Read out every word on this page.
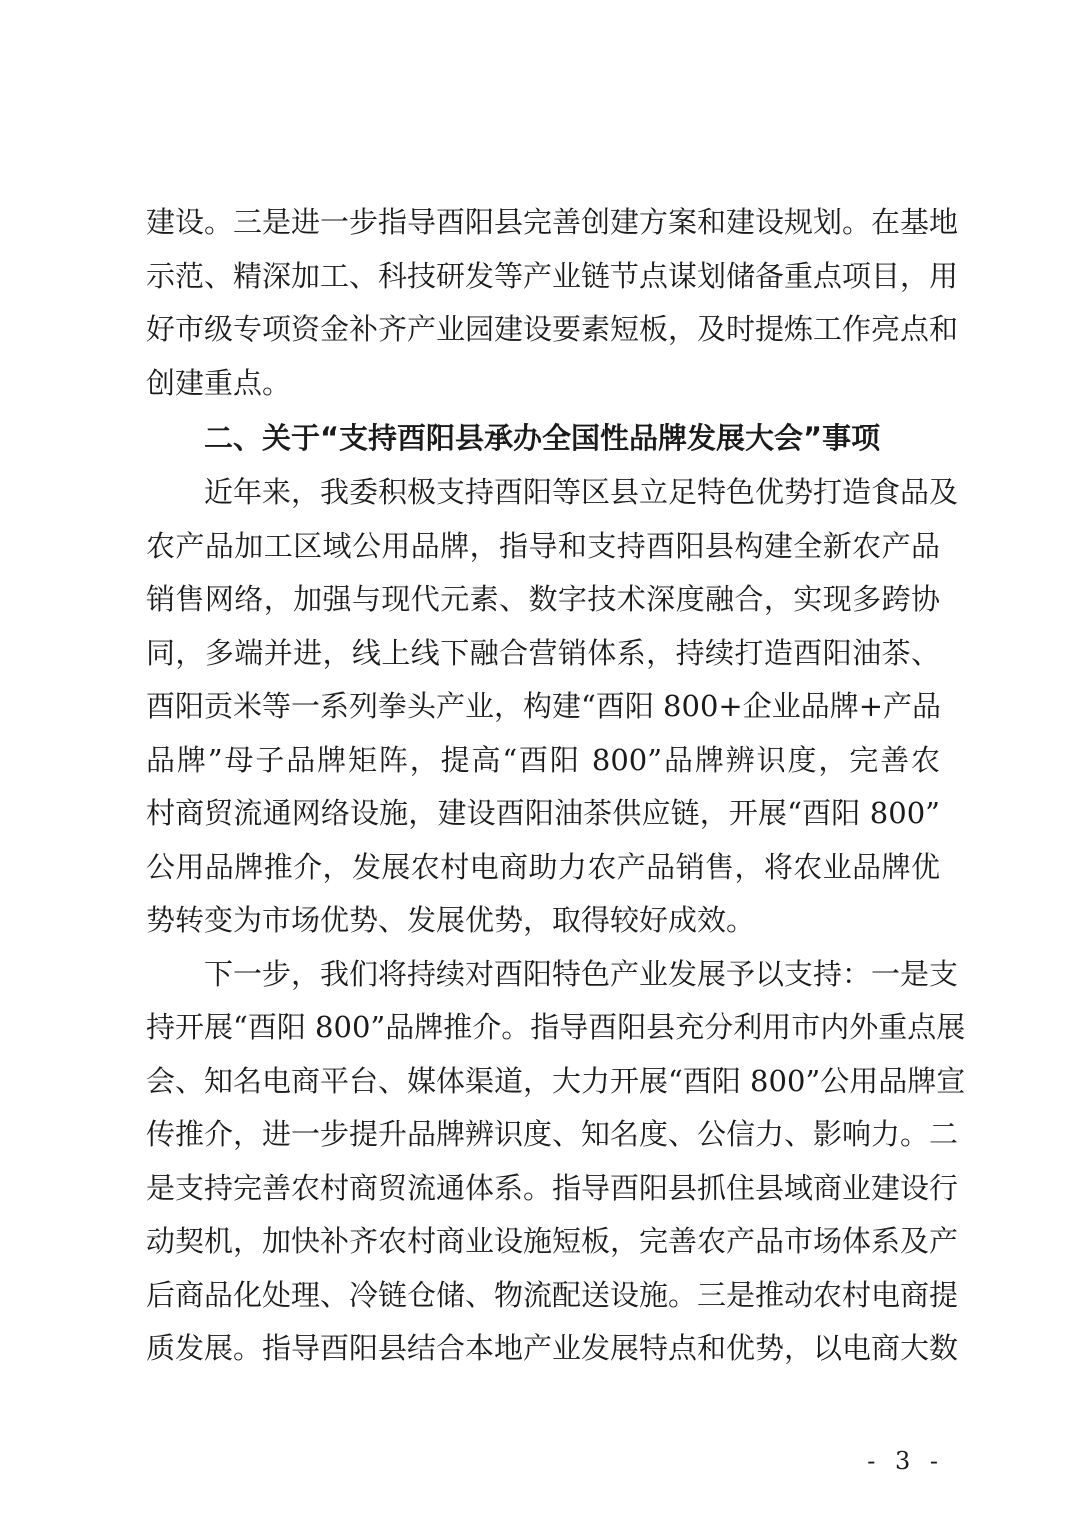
建设。三是进一步指导酉阳县完善创建方案和建设规划。在基地
示范、精深加工、科技研发等产业链节点谋划储备重点项目，用
好市级专项资金补齐产业园建设要素短板，及时提炼工作亮点和
创建重点。
二、关于“支持酉阳县承办全国性品牌发展大会”事项
近年来，我委积极支持酉阳等区县立足特色优势打造食品及
农产品加工区域公用品牌，指导和支持酉阳县构建全新农产品
销售网络，加强与现代元素、数字技术深度融合，实现多跨协
同，多端并进，线上线下融合营销体系，持续打造酉阳油茶、
酉阳贡米等一系列拳头产业，构建“酉阳 800+企业品牌+产品
品牌”母子品牌矩阵，提高“酉阳 800”品牌辨识度，完善农
村商贸流通网络设施，建设酉阳油茶供应链，开展“酉阳 800”
公用品牌推介，发展农村电商助力农产品销售，将农业品牌优
势转变为市场优势、发展优势，取得较好成效。
下一步，我们将持续对酉阳特色产业发展予以支持：一是支
持开展“酉阳 800”品牌推介。指导酉阳县充分利用市内外重点展
会、知名电商平台、媒体渠道，大力开展“酉阳 800”公用品牌宣
传推介，进一步提升品牌辨识度、知名度、公信力、影响力。二
是支持完善农村商贸流通体系。指导酉阳县抓住县域商业建设行
动契机，加快补齐农村商业设施短板，完善农产品市场体系及产
后商品化处理、冷链仓储、物流配送设施。三是推动农村电商提
质发展。指导酉阳县结合本地产业发展特点和优势，以电商大数
- 3 -
